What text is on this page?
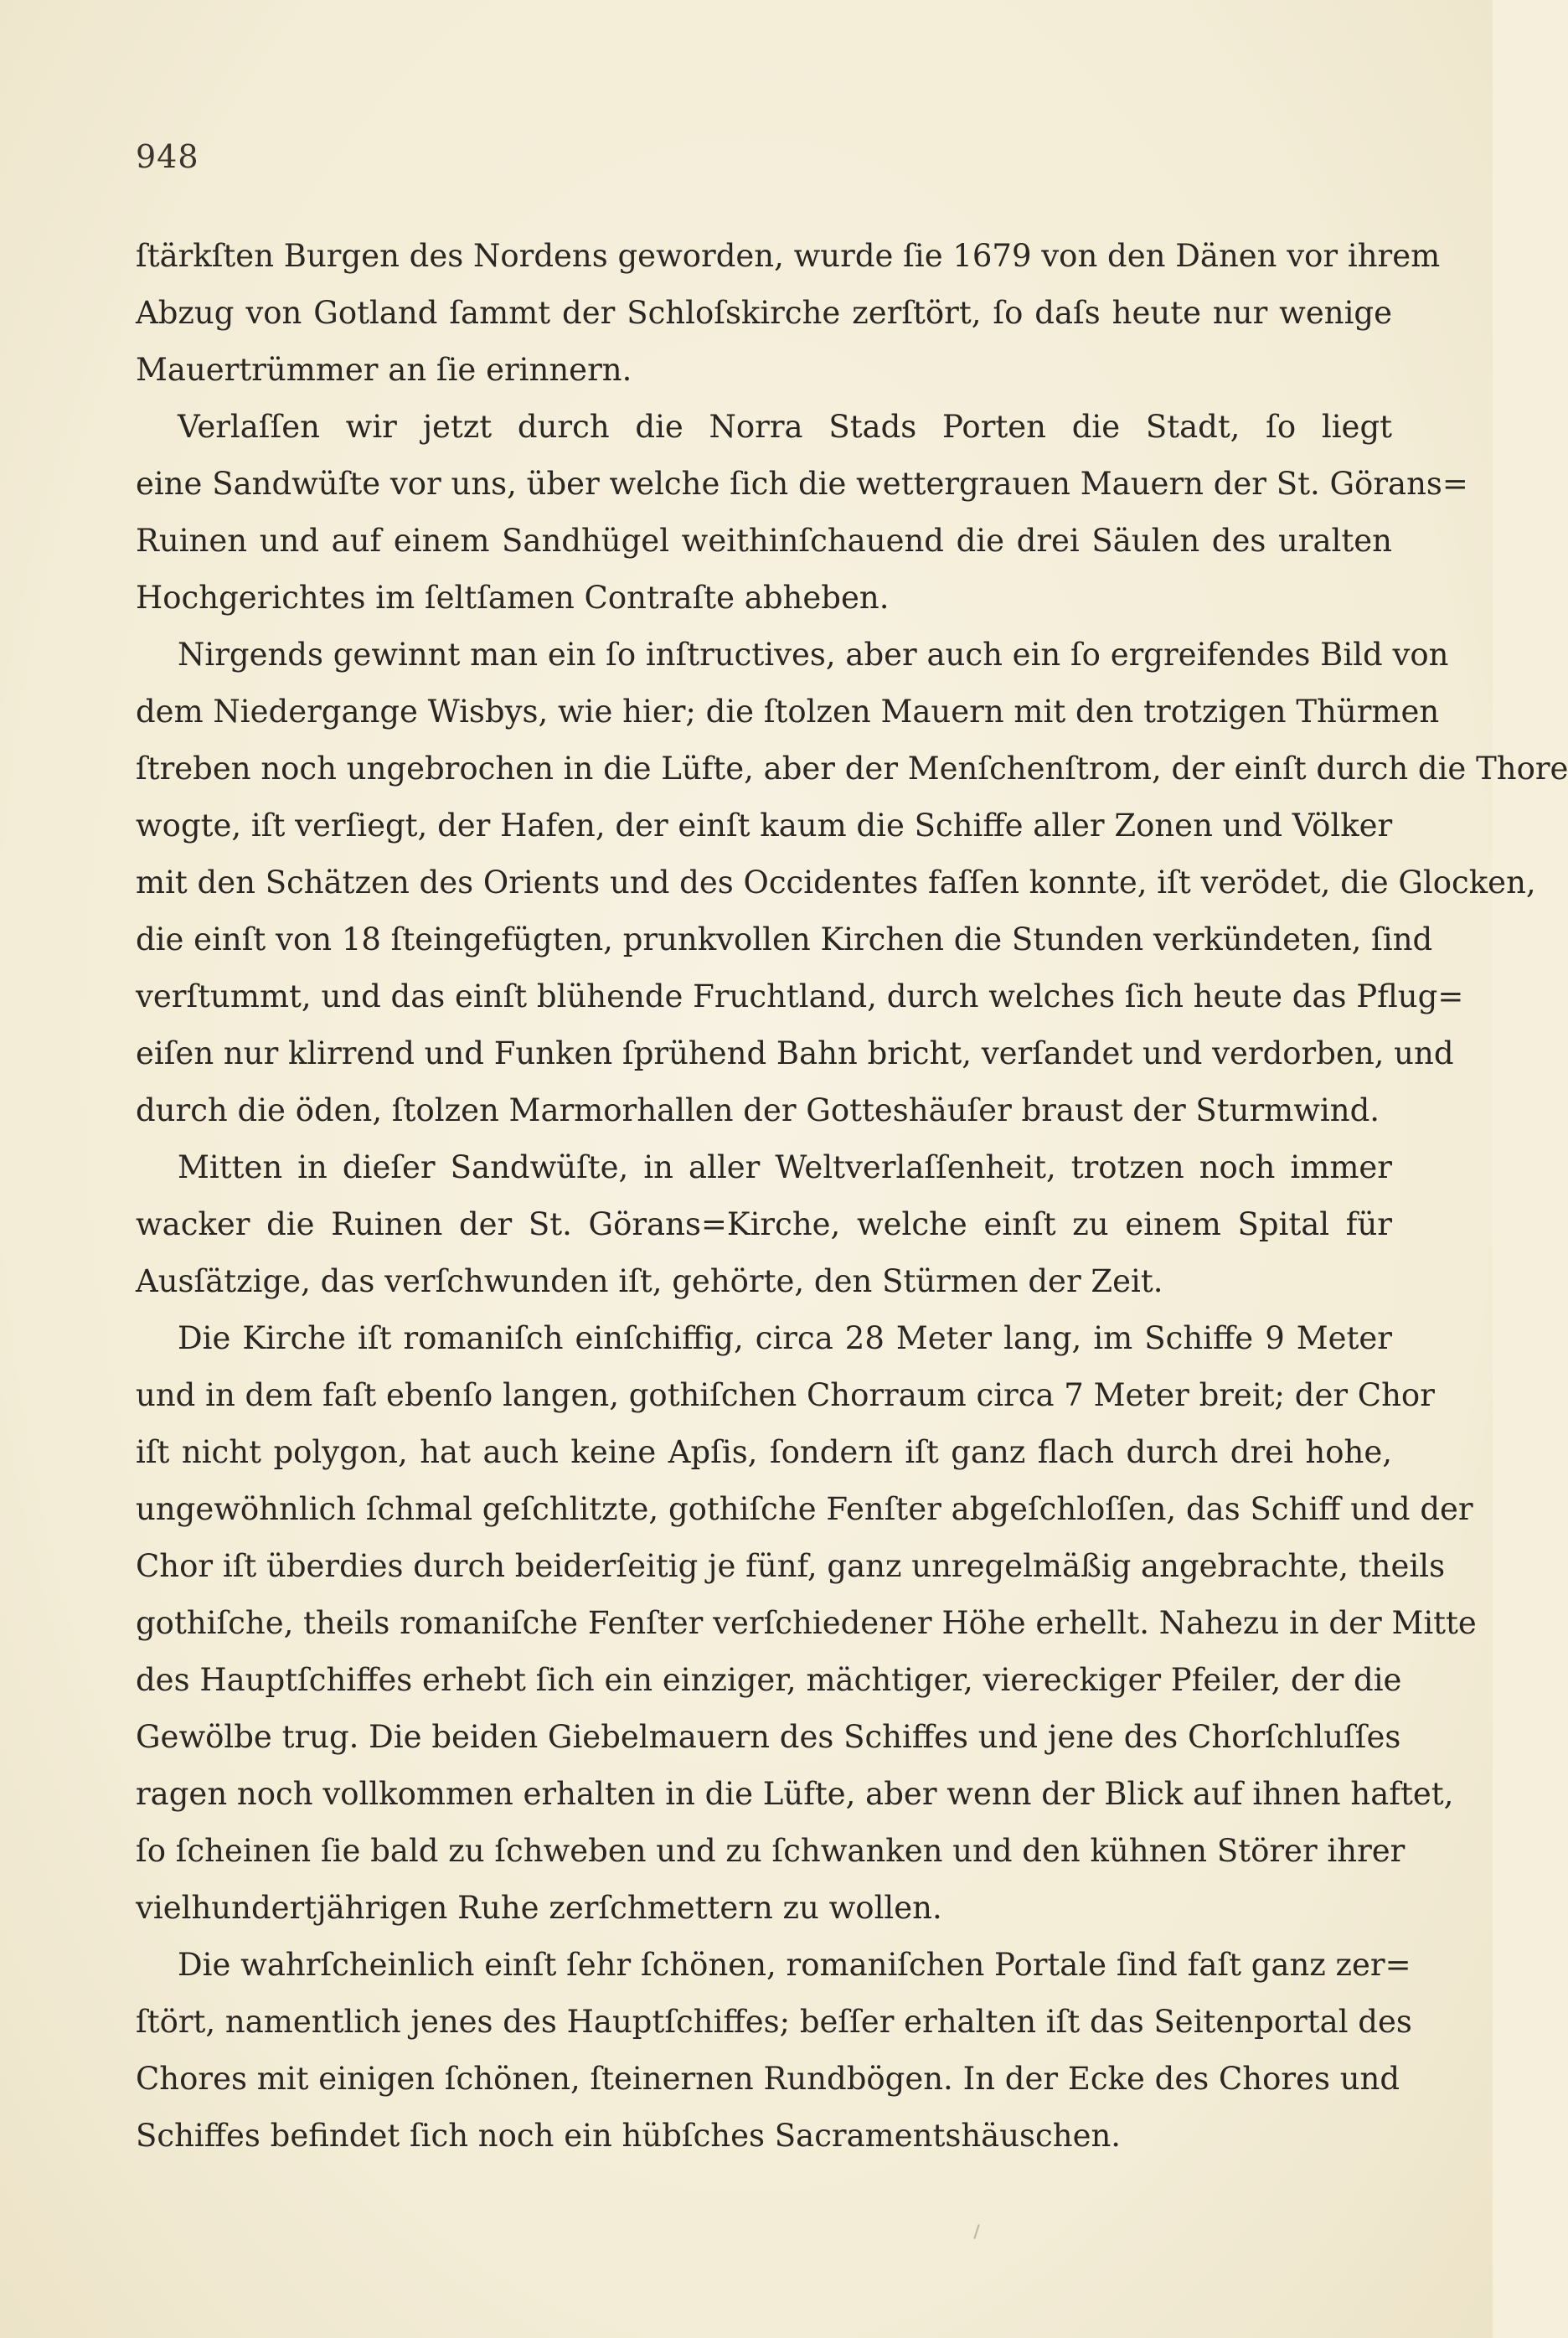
948
ſtärkſten Burgen des Nordens geworden, wurde ſie 1679 von den Dänen vor ihrem
Abzug von Gotland ſammt der Schloſskirche zerſtört, ſo daſs heute nur wenige
Mauertrümmer an ſie erinnern.
Verlaſſen wir jetzt durch die Norra Stads Porten die Stadt, ſo liegt
eine Sandwüſte vor uns, über welche ſich die wettergrauen Mauern der St. Görans=
Ruinen und auf einem Sandhügel weithinſchauend die drei Säulen des uralten
Hochgerichtes im ſeltſamen Contraſte abheben.
Nirgends gewinnt man ein ſo inſtructives, aber auch ein ſo ergreifendes Bild von
dem Niedergange Wisbys, wie hier; die ſtolzen Mauern mit den trotzigen Thürmen
ſtreben noch ungebrochen in die Lüfte, aber der Menſchenſtrom, der einſt durch die Thore
wogte, iſt verſiegt, der Hafen, der einſt kaum die Schiffe aller Zonen und Völker
mit den Schätzen des Orients und des Occidentes faſſen konnte, iſt verödet, die Glocken,
die einſt von 18 ſteingefügten, prunkvollen Kirchen die Stunden verkündeten, ſind
verſtummt, und das einſt blühende Fruchtland, durch welches ſich heute das Pflug=
eiſen nur klirrend und Funken ſprühend Bahn bricht, verſandet und verdorben, und
durch die öden, ſtolzen Marmorhallen der Gotteshäuſer braust der Sturmwind.
Mitten in dieſer Sandwüſte, in aller Weltverlaſſenheit, trotzen noch immer
wacker die Ruinen der St. Görans=Kirche, welche einſt zu einem Spital für
Ausſätzige, das verſchwunden iſt, gehörte, den Stürmen der Zeit.
Die Kirche iſt romaniſch einſchiffig, circa 28 Meter lang, im Schiffe 9 Meter
und in dem faſt ebenſo langen, gothiſchen Chorraum circa 7 Meter breit; der Chor
iſt nicht polygon, hat auch keine Apſis, ſondern iſt ganz flach durch drei hohe,
ungewöhnlich ſchmal geſchlitzte, gothiſche Fenſter abgeſchloſſen, das Schiff und der
Chor iſt überdies durch beiderſeitig je fünf, ganz unregelmäßig angebrachte, theils
gothiſche, theils romaniſche Fenſter verſchiedener Höhe erhellt. Nahezu in der Mitte
des Hauptſchiffes erhebt ſich ein einziger, mächtiger, viereckiger Pfeiler, der die
Gewölbe trug. Die beiden Giebelmauern des Schiffes und jene des Chorſchluſſes
ragen noch vollkommen erhalten in die Lüfte, aber wenn der Blick auf ihnen haftet,
ſo ſcheinen ſie bald zu ſchweben und zu ſchwanken und den kühnen Störer ihrer
vielhundertjährigen Ruhe zerſchmettern zu wollen.
Die wahrſcheinlich einſt ſehr ſchönen, romaniſchen Portale ſind faſt ganz zer=
ſtört, namentlich jenes des Hauptſchiffes; beſſer erhalten iſt das Seitenportal des
Chores mit einigen ſchönen, ſteinernen Rundbögen. In der Ecke des Chores und
Schiffes befindet ſich noch ein hübſches Sacramentshäuschen.
